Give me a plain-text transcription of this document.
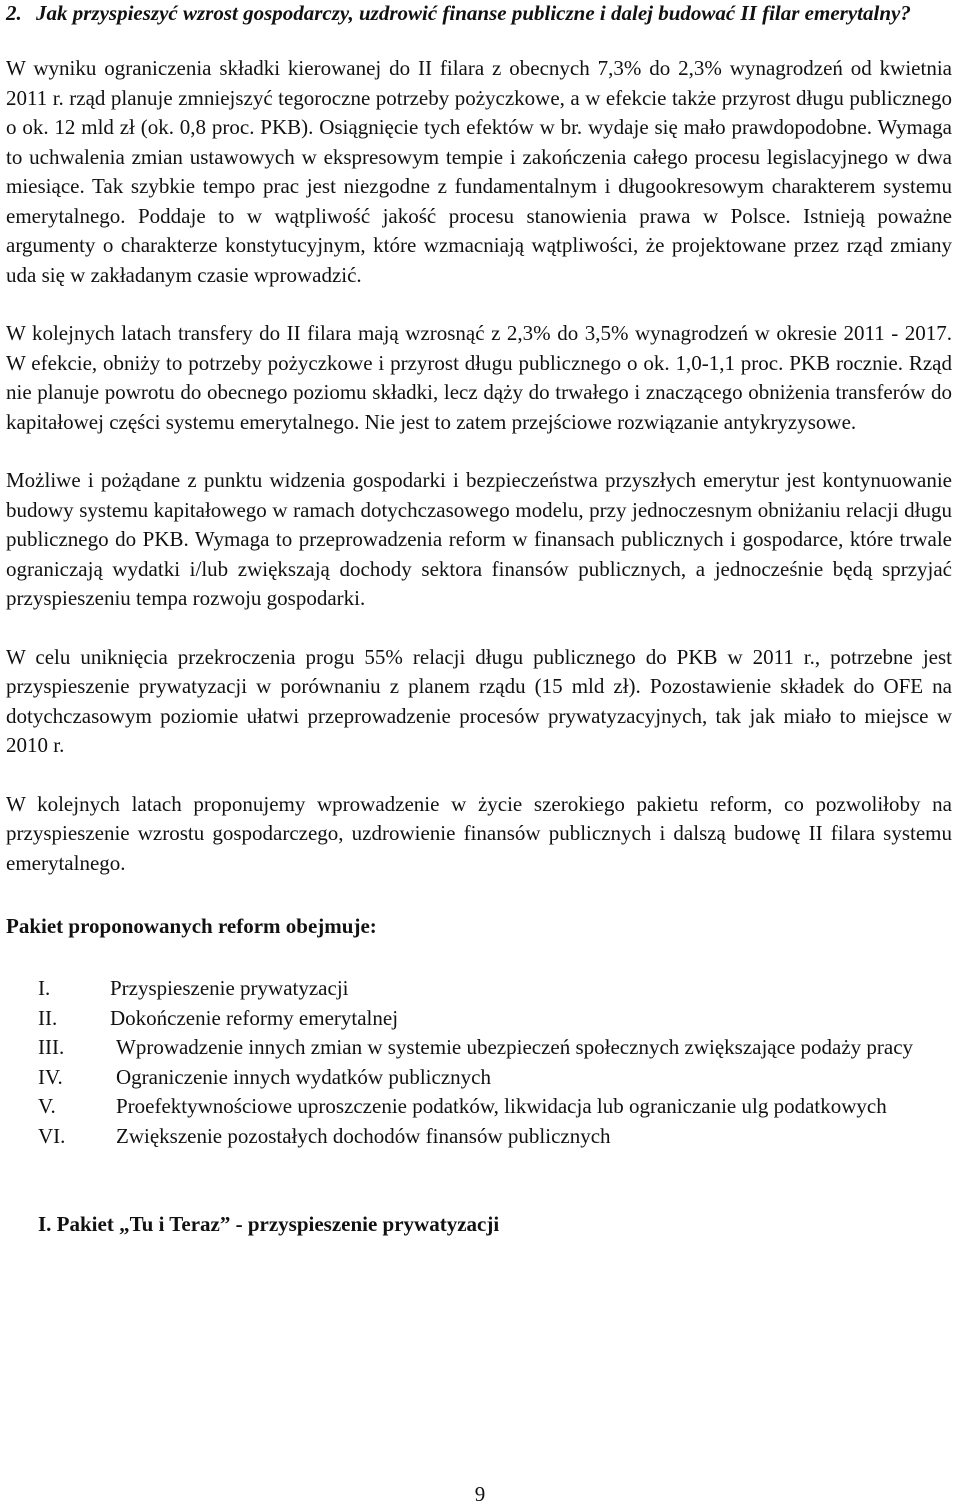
2. Jak przyspieszyć wzrost gospodarczy, uzdrowić finanse publiczne i dalej budować II filar emerytalny?

W wyniku ograniczenia składki kierowanej do II filara z obecnych 7,3% do 2,3% wynagrodzeń od kwietnia 2011 r. rząd planuje zmniejszyć tegoroczne potrzeby pożyczkowe, a w efekcie także przyrost długu publicznego o ok. 12 mld zł (ok. 0,8 proc. PKB). Osiągnięcie tych efektów w br. wydaje się mało prawdopodobne. Wymaga to uchwalenia zmian ustawowych w ekspresowym tempie i zakończenia całego procesu legislacyjnego w dwa miesiące. Tak szybkie tempo prac jest niezgodne z fundamentalnym i długookresowym charakterem systemu emerytalnego. Poddaje to w wątpliwość jakość procesu stanowienia prawa w Polsce. Istnieją poważne argumenty o charakterze konstytucyjnym, które wzmacniają wątpliwości, że projektowane przez rząd zmiany uda się w zakładanym czasie wprowadzić.

W kolejnych latach transfery do II filara mają wzrosnąć z 2,3% do 3,5% wynagrodzeń w okresie 2011 - 2017. W efekcie, obniży to potrzeby pożyczkowe i przyrost długu publicznego o ok. 1,0-1,1 proc. PKB rocznie. Rząd nie planuje powrotu do obecnego poziomu składki, lecz dąży do trwałego i znaczącego obniżenia transferów do kapitałowej części systemu emerytalnego. Nie jest to zatem przejściowe rozwiązanie antykryzysowe.

Możliwe i pożądane z punktu widzenia gospodarki i bezpieczeństwa przyszłych emerytur jest kontynuowanie budowy systemu kapitałowego w ramach dotychczasowego modelu, przy jednoczesnym obniżaniu relacji długu publicznego do PKB. Wymaga to przeprowadzenia reform w finansach publicznych i gospodarce, które trwale ograniczają wydatki i/lub zwiększają dochody sektora finansów publicznych, a jednocześnie będą sprzyjać przyspieszeniu tempa rozwoju gospodarki.

W celu uniknięcia przekroczenia progu 55% relacji długu publicznego do PKB w 2011 r., potrzebne jest przyspieszenie prywatyzacji w porównaniu z planem rządu (15 mld zł). Pozostawienie składek do OFE na dotychczasowym poziomie ułatwi przeprowadzenie procesów prywatyzacyjnych, tak jak miało to miejsce w 2010 r.

W kolejnych latach proponujemy wprowadzenie w życie szerokiego pakietu reform, co pozwoliłoby na przyspieszenie wzrostu gospodarczego, uzdrowienie finansów publicznych i dalszą budowę II filara systemu emerytalnego.

Pakiet proponowanych reform obejmuje:

I.	Przyspieszenie prywatyzacji
II.	Dokończenie reformy emerytalnej
III.	Wprowadzenie innych zmian w systemie ubezpieczeń społecznych zwiększające podaży pracy
IV.	Ograniczenie innych wydatków publicznych
V.	Proefektywnościowe uproszczenie podatków, likwidacja lub ograniczanie ulg podatkowych
VI.	Zwiększenie pozostałych dochodów finansów publicznych

I. Pakiet „Tu i Teraz” - przyspieszenie prywatyzacji

9
